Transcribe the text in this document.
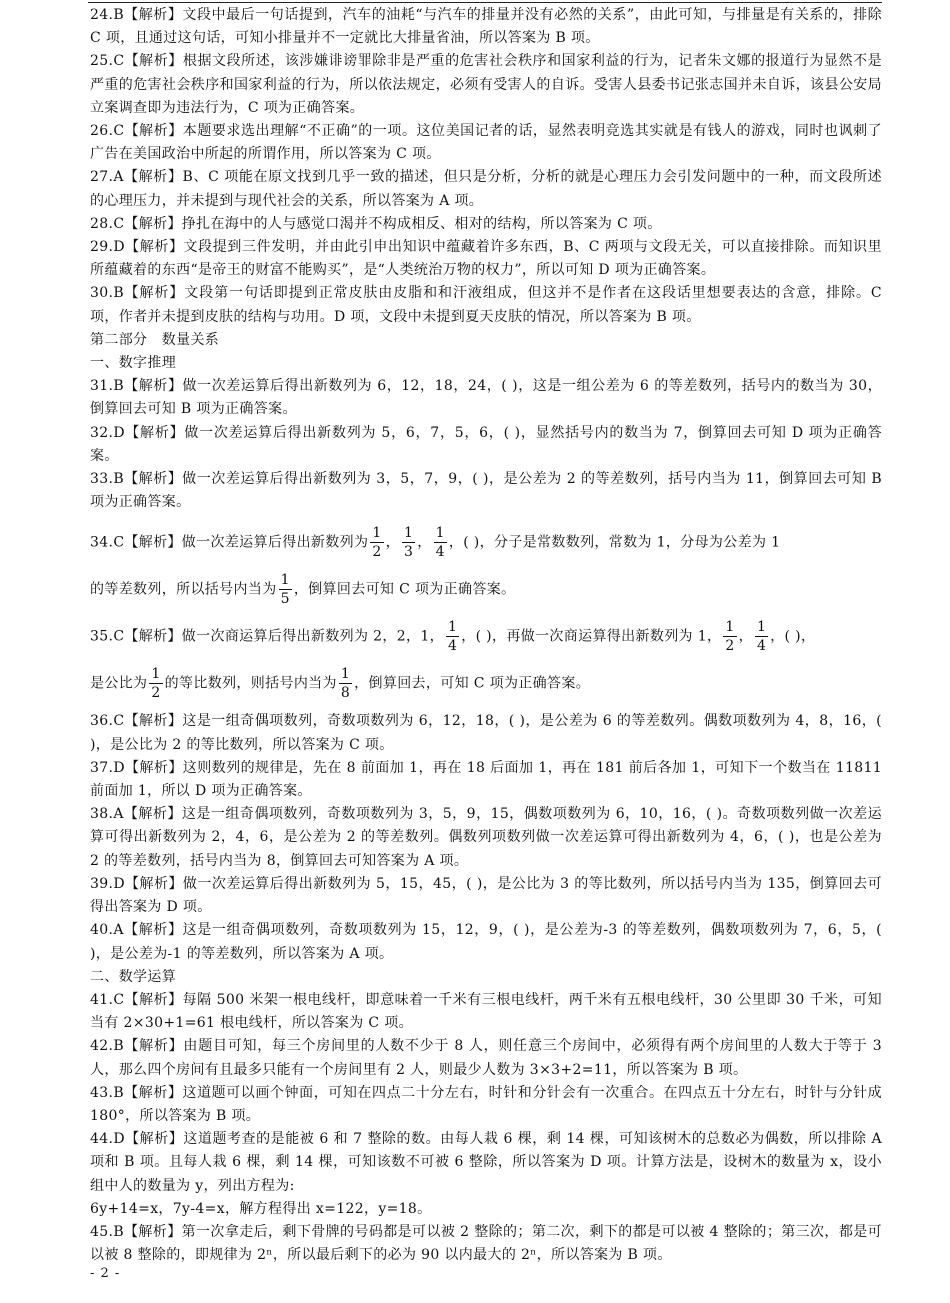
24.B【解析】文段中最后一句话提到，汽车的油耗“与汽车的排量并没有必然的关系”，由此可知，与排量是有关系的，排除 C 项，且通过这句话，可知小排量并不一定就比大排量省油，所以答案为 B 项。

25.C【解析】根据文段所述，该涉嫌诽谤罪除非是严重的危害社会秩序和国家利益的行为，记者朱文娜的报道行为显然不是严重的危害社会秩序和国家利益的行为，所以依法规定，必须有受害人的自诉。受害人县委书记张志国并未自诉，该县公安局立案调查即为违法行为，C 项为正确答案。

26.C【解析】本题要求选出理解“不正确”的一项。这位美国记者的话，显然表明竞选其实就是有钱人的游戏，同时也讽刺了广告在美国政治中所起的所谓作用，所以答案为 C 项。

27.A【解析】B、C 项能在原文找到几乎一致的描述，但只是分析，分析的就是心理压力会引发问题中的一种，而文段所述的心理压力，并未提到与现代社会的关系，所以答案为 A 项。

28.C【解析】挣扎在海中的人与感觉口渴并不构成相反、相对的结构，所以答案为 C 项。

29.D【解析】文段提到三件发明，并由此引申出知识中蕴藏着许多东西，B、C 两项与文段无关，可以直接排除。而知识里所蕴藏着的东西“是帝王的财富不能购买”，是“人类统治万物的权力”，所以可知 D 项为正确答案。

30.B【解析】文段第一句话即提到正常皮肤由皮脂和和汗液组成，但这并不是作者在这段话里想要表达的含意，排除。C 项，作者并未提到皮肤的结构与功用。D 项，文段中未提到夏天皮肤的情况，所以答案为 B 项。

第二部分　数量关系

一、数字推理

31.B【解析】做一次差运算后得出新数列为 6，12，18，24，( )，这是一组公差为 6 的等差数列，括号内的数当为 30，倒算回去可知 B 项为正确答案。

32.D【解析】做一次差运算后得出新数列为 5，6，7，5，6，( )，显然括号内的数当为 7，倒算回去可知 D 项为正确答案。

33.B【解析】做一次差运算后得出新数列为 3，5，7，9，( )，是公差为 2 的等差数列，括号内当为 11，倒算回去可知 B 项为正确答案。

34.C【解析】做一次差运算后得出新数列为 $\frac{1}{2}$ ， $\frac{1}{3}$ ， $\frac{1}{4}$ ，( )，分子是常数数列，常数为 1，分母为公差为 1

的等差数列，所以括号内当为 $\frac{1}{5}$ ，倒算回去可知 C 项为正确答案。

35.C【解析】做一次商运算后得出新数列为 2，2，1， $\frac{1}{4}$ ，( )，再做一次商运算得出新数列为 1， $\frac{1}{2}$ ， $\frac{1}{4}$ ，( )，

是公比为 $\frac{1}{2}$ 的等比数列，则括号内当为 $\frac{1}{8}$ ，倒算回去，可知 C 项为正确答案。

36.C【解析】这是一组奇偶项数列，奇数项数列为 6，12，18，( )，是公差为 6 的等差数列。偶数项数列为 4，8，16，( )，是公比为 2 的等比数列，所以答案为 C 项。

37.D【解析】这则数列的规律是，先在 8 前面加 1，再在 18 后面加 1，再在 181 前后各加 1，可知下一个数当在 11811 前面加 1，所以 D 项为正确答案。

38.A【解析】这是一组奇偶项数列，奇数项数列为 3，5，9，15，偶数项数列为 6，10，16，( )。奇数项数列做一次差运算可得出新数列为 2，4，6，是公差为 2 的等差数列。偶数列项数列做一次差运算可得出新数列为 4，6，( )，也是公差为 2 的等差数列，括号内当为 8，倒算回去可知答案为 A 项。

39.D【解析】做一次差运算后得出新数列为 5，15，45，( )，是公比为 3 的等比数列，所以括号内当为 135，倒算回去可得出答案为 D 项。

40.A【解析】这是一组奇偶项数列，奇数项数列为 15，12，9，( )，是公差为-3 的等差数列，偶数项数列为 7，6，5，( )，是公差为-1 的等差数列，所以答案为 A 项。

二、数学运算

41.C【解析】每隔 500 米架一根电线杆，即意味着一千米有三根电线杆，两千米有五根电线杆，30 公里即 30 千米，可知当有 2×30+1=61 根电线杆，所以答案为 C 项。

42.B【解析】由题目可知，每三个房间里的人数不少于 8 人，则任意三个房间中，必须得有两个房间里的人数大于等于 3 人，那么四个房间有且最多只能有一个房间里有 2 人，则最少人数为 3×3+2=11，所以答案为 B 项。

43.B【解析】这道题可以画个钟面，可知在四点二十分左右，时针和分针会有一次重合。在四点五十分左右，时针与分针成 180°，所以答案为 B 项。

44.D【解析】这道题考查的是能被 6 和 7 整除的数。由每人栽 6 棵，剩 14 棵，可知该树木的总数必为偶数，所以排除 A 项和 B 项。且每人栽 6 棵，剩 14 棵，可知该数不可被 6 整除，所以答案为 D 项。计算方法是，设树木的数量为 x，设小组中人的数量为 y，列出方程为:

6y+14=x，7y-4=x，解方程得出 x=122，y=18。

45.B【解析】第一次拿走后，剩下骨牌的号码都是可以被 2 整除的；第二次，剩下的都是可以被 4 整除的；第三次，都是可以被 8 整除的，即规律为 2ⁿ，所以最后剩下的必为 90 以内最大的 2ⁿ，所以答案为 B 项。

- 2 -
